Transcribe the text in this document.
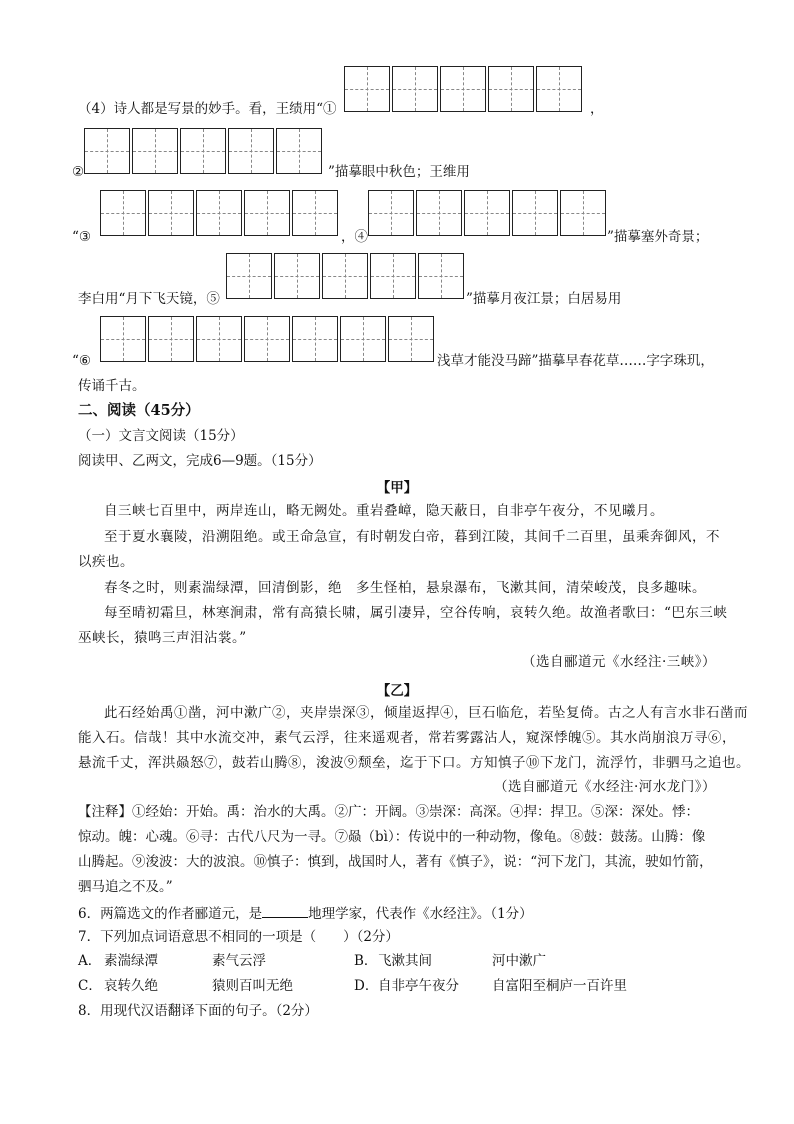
（4）诗人都是写景的妙手。看，王绩用“①	，
②	”描摹眼中秋色；王维用
“③	，④	”描摹塞外奇景；
李白用“月下飞天镜，⑤	”描摹月夜江景；白居易用
“⑥	浅草才能没马蹄”描摹早春花草……字字珠玑，
传诵千古。
二、阅读（45分）
（一）文言文阅读（15分）
阅读甲、乙两文，完成6—9题。（15分）
【甲】
自三峡七百里中，两岸连山，略无阙处。重岩叠嶂，隐天蔽日，自非亭午夜分，不见曦月。
至于夏水襄陵，沿溯阻绝。或王命急宣，有时朝发白帝，暮到江陵，其间千二百里，虽乘奔御风，不
以疾也。
春冬之时，则素湍绿潭，回清倒影，绝　多生怪柏，悬泉瀑布，飞漱其间，清荣峻茂，良多趣味。
每至晴初霜旦，林寒涧肃，常有高猿长啸，属引凄异，空谷传响，哀转久绝。故渔者歌曰：“巴东三峡
巫峡长，猿鸣三声泪沾裳。”
（选自郦道元《水经注·三峡》）
【乙】
此石经始禹①凿，河中漱广②，夹岸崇深③，倾崖返捍④，巨石临危，若坠复倚。古之人有言水非石凿而
能入石。信哉！其中水流交冲，素气云浮，往来遥观者，常若雾露沾人，窥深悸魄⑤。其水尚崩浪万寻⑥，
悬流千丈，浑洪赑怒⑦，鼓若山腾⑧，浚波⑨颓垒，迄于下口。方知慎子⑩下龙门，流浮竹，非驷马之追也。
（选自郦道元《水经注·河水龙门》）
【注释】①经始：开始。禹：治水的大禹。②广：开阔。③崇深：高深。④捍：捍卫。⑤深：深处。悸：
惊动。魄：心魂。⑥寻：古代八尺为一寻。⑦赑（bì）：传说中的一种动物，像龟。⑧鼓：鼓荡。山腾：像
山腾起。⑨浚波：大的波浪。⑩慎子：慎到，战国时人，著有《慎子》，说：“河下龙门，其流，驶如竹箭，
驷马追之不及。”
6．两篇选文的作者郦道元，是	地理学家，代表作《水经注》。（1分）
7．下列加点词语意思不相同的一项是（　　）（2分）
A． 素湍绿潭	素气云浮	B． 飞漱其间	河中漱广
C． 哀转久绝	猿则百叫无绝	D． 自非亭午夜分 自富阳至桐庐一百许里
8．用现代汉语翻译下面的句子。（2分）
